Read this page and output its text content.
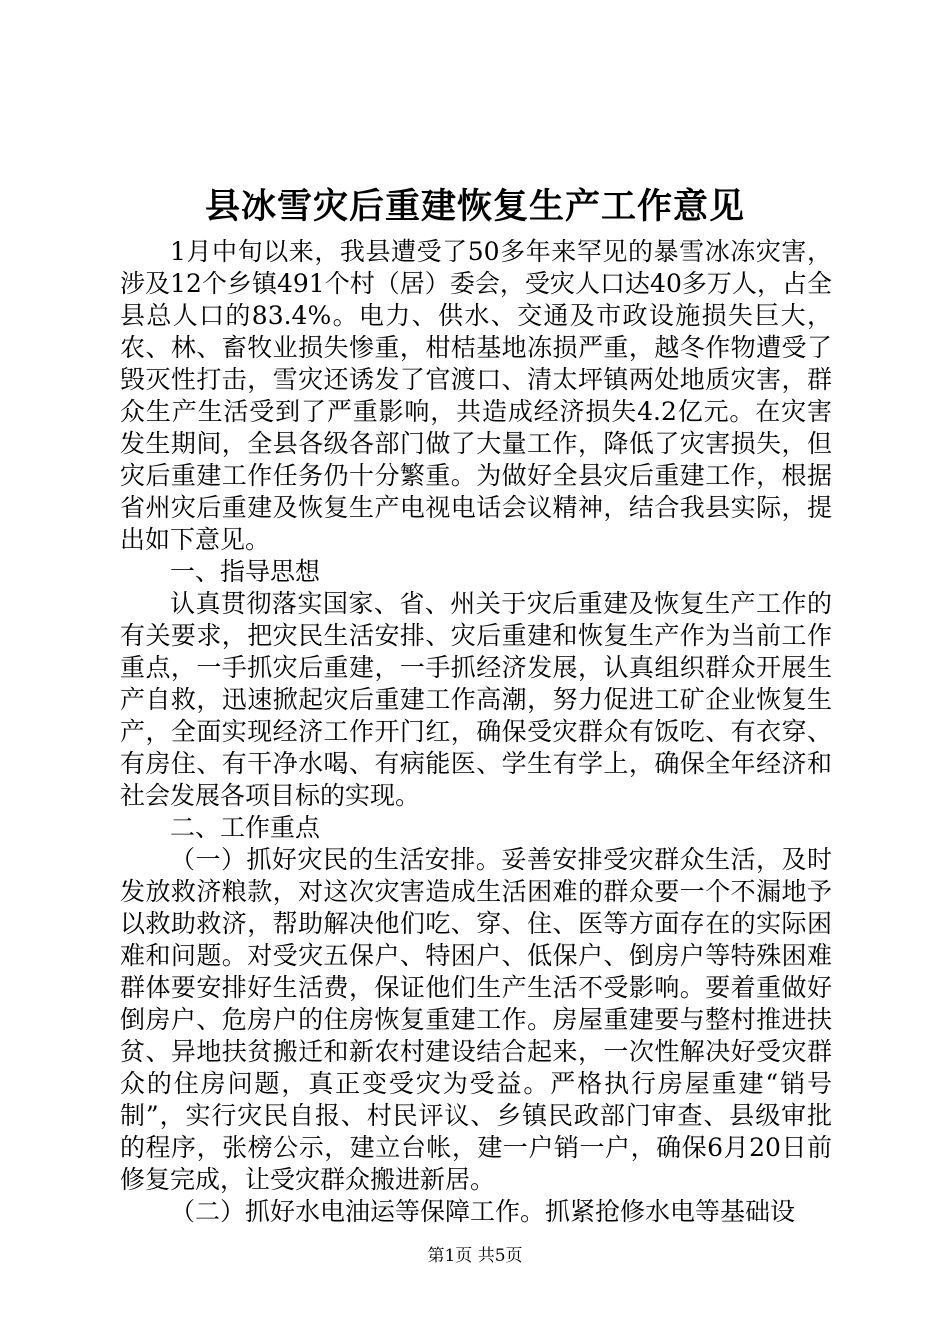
县冰雪灾后重建恢复生产工作意见

1月中旬以来，我县遭受了50多年来罕见的暴雪冰冻灾害，涉及12个乡镇491个村（居）委会，受灾人口达40多万人，占全县总人口的83.4%。电力、供水、交通及市政设施损失巨大，农、林、畜牧业损失惨重，柑桔基地冻损严重，越冬作物遭受了毁灭性打击，雪灾还诱发了官渡口、清太坪镇两处地质灾害，群众生产生活受到了严重影响，共造成经济损失4.2亿元。在灾害发生期间，全县各级各部门做了大量工作，降低了灾害损失，但灾后重建工作任务仍十分繁重。为做好全县灾后重建工作，根据省州灾后重建及恢复生产电视电话会议精神，结合我县实际，提出如下意见。

一、指导思想

认真贯彻落实国家、省、州关于灾后重建及恢复生产工作的有关要求，把灾民生活安排、灾后重建和恢复生产作为当前工作重点，一手抓灾后重建，一手抓经济发展，认真组织群众开展生产自救，迅速掀起灾后重建工作高潮，努力促进工矿企业恢复生产，全面实现经济工作开门红，确保受灾群众有饭吃、有衣穿、有房住、有干净水喝、有病能医、学生有学上，确保全年经济和社会发展各项目标的实现。

二、工作重点

（一）抓好灾民的生活安排。妥善安排受灾群众生活，及时发放救济粮款，对这次灾害造成生活困难的群众要一个不漏地予以救助救济，帮助解决他们吃、穿、住、医等方面存在的实际困难和问题。对受灾五保户、特困户、低保户、倒房户等特殊困难群体要安排好生活费，保证他们生产生活不受影响。要着重做好倒房户、危房户的住房恢复重建工作。房屋重建要与整村推进扶贫、异地扶贫搬迁和新农村建设结合起来，一次性解决好受灾群众的住房问题，真正变受灾为受益。严格执行房屋重建“销号制”，实行灾民自报、村民评议、乡镇民政部门审查、县级审批的程序，张榜公示，建立台帐，建一户销一户，确保6月20日前修复完成，让受灾群众搬进新居。

（二）抓好水电油运等保障工作。抓紧抢修水电等基础设

第1页 共5页
